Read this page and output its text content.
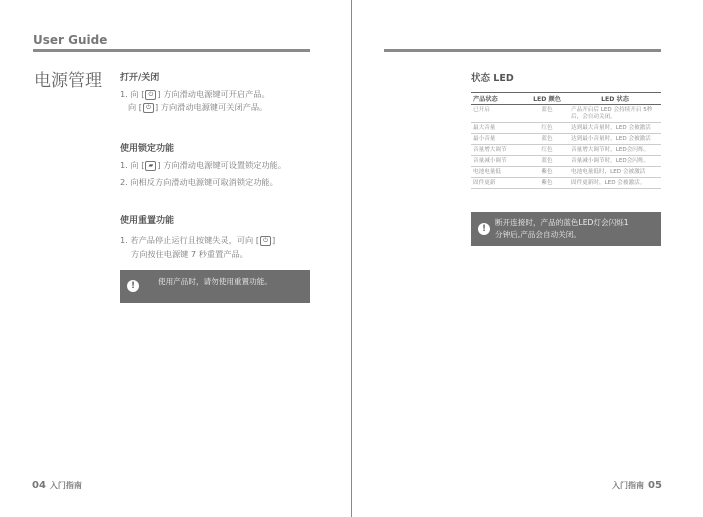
User Guide
电源管理 打开/关闭
1. 向 [ ⏻ ] 方向滑动电源键可开启产品。
向 [ ⏻ ] 方向滑动电源键可关闭产品。
使用锁定功能
1. 向 [ ▰ ] 方向滑动电源键可设置锁定功能。
2. 向相反方向滑动电源键可取消锁定功能。
使用重置功能
1. 若产品停止运行且按键失灵，可向 [ ⏻ ]
方向按住电源键 7 秒重置产品。
!	使用产品时，请勿使用重置功能。
04 入门指南
状态 LED
产品状态	LED 颜色	LED 状态
已开启	蓝色	产品开启后 LED 会持续开启 5秒后，会自动关闭。
最大音量	红色	达到最大音量时，LED 会被激活
最小音量	蓝色	达到最小音量时，LED 会被激活
音量增大调节	红色	音量增大调节时，LED会闪烁。
音量减小调节	蓝色	音量减小调节时，LED会闪烁。
电池电量低	紫色	电池电量低时，LED 会被激活
固件更新	紫色	固件更新时，LED 会被激活。
!
断开连接时，产品的蓝色LED灯会闪烁1
分钟后,产品会自动关闭。
入门指南 05
